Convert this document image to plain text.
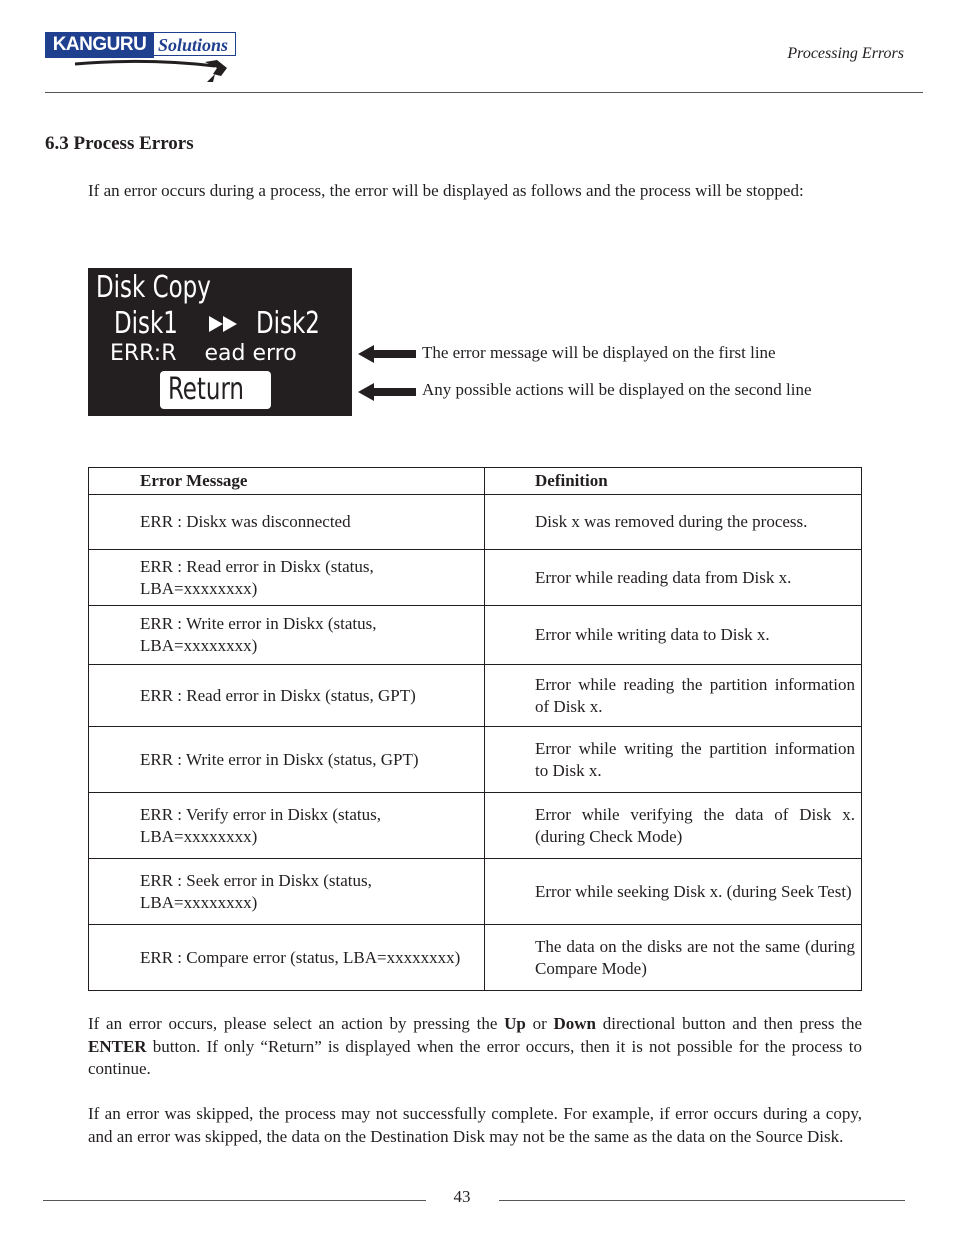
KANGURU Solutions	Processing Errors
6.3 Process Errors
If an error occurs during a process, the error will be displayed as follows and the process will be stopped:
Disk Copy
Disk1	Disk2
ERR:R    ead erro
Return
The error message will be displayed on the first line
Any possible actions will be displayed on the second line
Error Message	Definition
ERR : Diskx was disconnected	Disk x was removed during the process.
ERR : Read error in Diskx (status, LBA=xxxxxxxx)	Error while reading data from Disk x.
ERR : Write error in Diskx (status, LBA=xxxxxxxx)	Error while writing data to Disk x.
ERR : Read error in Diskx (status, GPT)	Error while reading the partition information of Disk x.
ERR : Write error in Diskx (status, GPT)	Error while writing the partition information to Disk x.
ERR : Verify error in Diskx (status, LBA=xxxxxxxx)	Error while verifying the data of Disk x. (during Check Mode)
ERR : Seek error in Diskx (status, LBA=xxxxxxxx)	Error while seeking Disk x. (during Seek Test)
ERR : Compare error (status, LBA=xxxxxxxx)	The data on the disks are not the same (during Compare Mode)
If an error occurs, please select an action by pressing the Up or Down directional button and then press the ENTER button. If only “Return” is displayed when the error occurs, then it is not possible for the process to continue.
If an error was skipped, the process may not successfully complete. For example, if error occurs during a copy, and an error was skipped, the data on the Destination Disk may not be the same as the data on the Source Disk.
43
